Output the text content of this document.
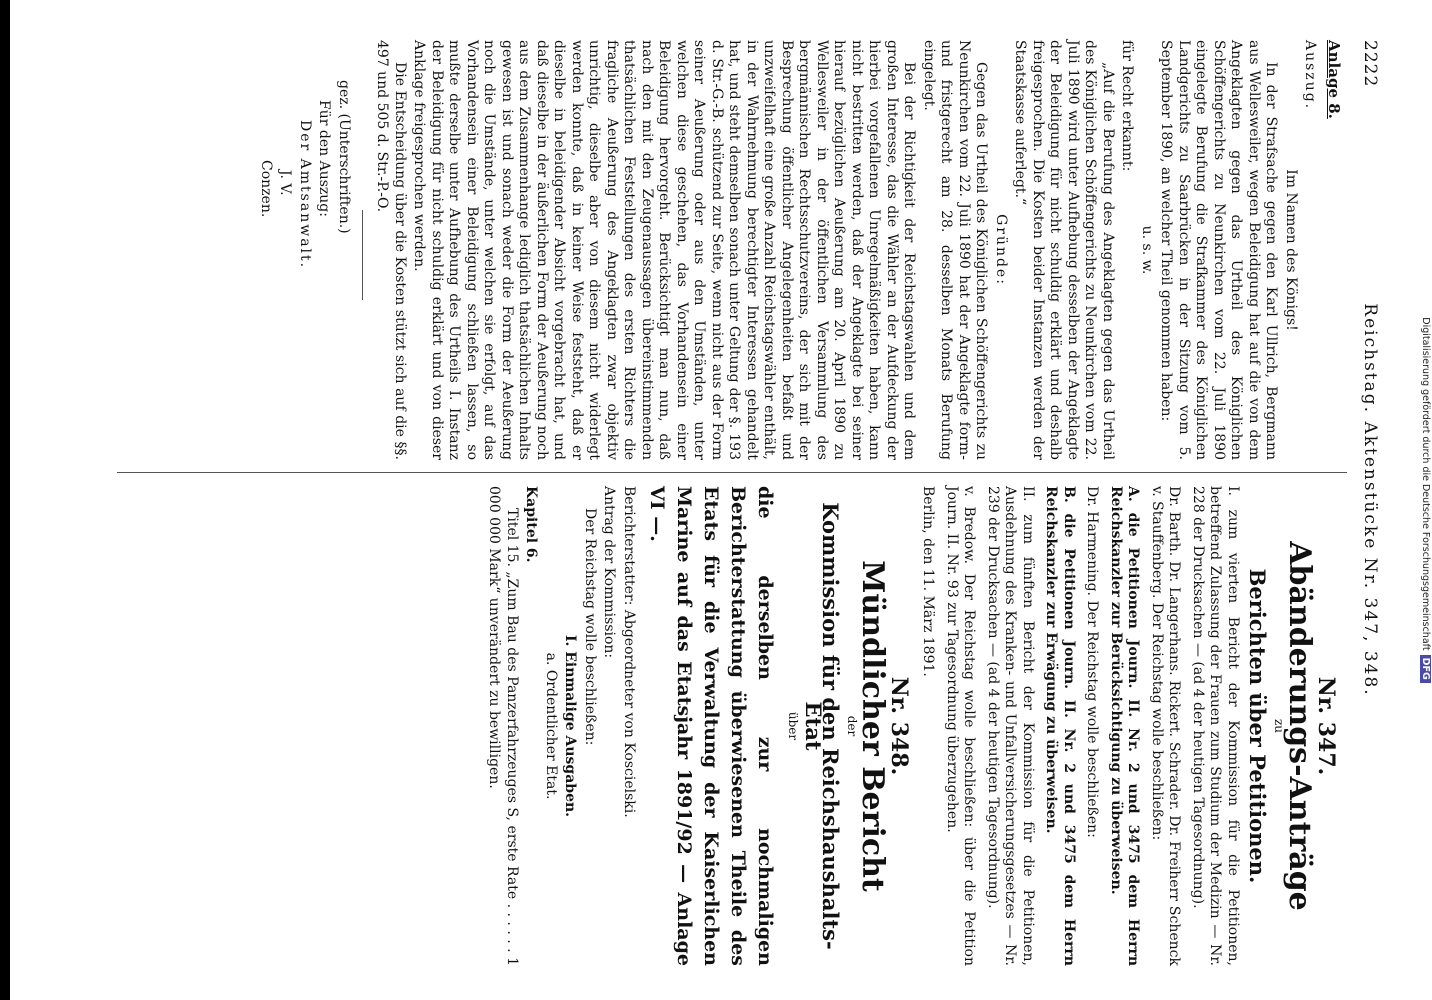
2222
Reichstag. Aktenstücke Nr. 347, 348.
Anlage 8.

Auszug.

Im Namen des Königs!

In der Strafsache gegen den Karl Ullrich, Bergmann aus Wellesweiler, wegen Beleidigung hat auf die von dem Angeklagten gegen das Urtheil des Königlichen Schöffengerichts zu Neunkirchen vom 22. Juli 1890 eingelegte Berufung die Strafkammer des Königlichen Landgerichts zu Saarbrücken in der Sitzung vom 5. September 1890, an welcher Theil genommen haben:

u. s. w.

für Recht erkannt:

„Auf die Berufung des Angeklagten gegen das Urtheil des Königlichen Schöffengerichts zu Neunkirchen vom 22. Juli 1890 wird unter Aufhebung desselben der Angeklagte der Beleidigung für nicht schuldig erklärt und deshalb freigesprochen. Die Kosten beider Instanzen werden der Staatskasse auferlegt.“

Gründe:

Gegen das Urtheil des Königlichen Schöffengerichts zu Neunkirchen vom 22. Juli 1890 hat der Angeklagte form- und fristgerecht am 28. desselben Monats Berufung eingelegt.

Bei der Richtigkeit der Reichstagswahlen und dem großen Interesse, das die Wähler an der Aufdeckung der hierbei vorgefallenen Unregelmäßigkeiten haben, kann nicht bestritten werden, daß der Angeklagte bei seiner hierauf bezüglichen Aeußerung am 20. April 1890 zu Wellesweiler in der öffentlichen Versammlung des bergmännischen Rechtsschutzvereins, der sich mit der Besprechung öffentlicher Angelegenheiten befaßt und unzweifelhaft eine große Anzahl Reichstagswähler enthält, in der Wahrnehmung berechtigter Interessen gehandelt hat, und steht demselben sonach unter Geltung der §. 193 d. Str.-G.-B. schützend zur Seite, wenn nicht aus der Form seiner Aeußerung oder aus den Umständen, unter welchen diese geschehen, das Vorhandensein einer Beleidigung hervorgeht. Berücksichtigt man nun, daß nach den mit den Zeugenaussagen übereinstimmenden thatsächlichen Feststellungen des ersten Richters die fragliche Aeußerung des Angeklagten zwar objektiv unrichtig, dieselbe aber von diesem nicht widerlegt werden konnte, daß in keiner Weise feststeht, daß er dieselbe in beleidigender Absicht vorgebracht hat, und daß dieselbe in der äußerlichen Form der Aeußerung noch aus dem Zusammenhange lediglich thatsächlichen Inhalts gewesen ist und sonach weder die Form der Aeußerung noch die Umstände, unter welchen sie erfolgt, auf das Vorhandensein einer Beleidigung schließen lassen, so mußte derselbe unter Aufhebung des Urtheils I. Instanz der Beleidigung für nicht schuldig erklärt und von dieser Anklage freigesprochen werden.

Die Entscheidung über die Kosten stützt sich auf die §§. 497 und 505 d. Str.-P.-O.

gez. (Unterschriften.)

Für den Auszug:

Der Amtsanwalt.

J. V.

Conzen.

Nr. 347.
Abänderungs-Anträge
zu
Berichten über Petitionen.

I. zum vierten Bericht der Kommission für die Petitionen, betreffend Zulassung der Frauen zum Studium der Medizin — Nr. 228 der Drucksachen — (ad 4 der heutigen Tagesordnung).

Dr. Barth. Dr. Langerhans. Rickert. Schrader. Dr. Freiherr Schenck v. Stauffenberg. Der Reichstag wolle beschließen:

A. die Petitionen Journ. II. Nr. 2 und 3475 dem Herrn Reichskanzler zur Berücksichtigung zu überweisen.

Dr. Harmening. Der Reichstag wolle beschließen:

B. die Petitionen Journ. II. Nr. 2 und 3475 dem Herrn Reichskanzler zur Erwägung zu überweisen.

II. zum fünften Bericht der Kommission für die Petitionen, Ausdehnung des Kranken- und Unfallversicherungsgesetzes — Nr. 239 der Drucksachen — (ad 4 der heutigen Tagesordnung).

v. Bredow. Der Reichstag wolle beschließen: über die Petition Journ. II. Nr. 93 zur Tagesordnung überzugehen.

Berlin, den 11. März 1891.

Nr. 348.
Mündlicher Bericht
der
Kommission für den Reichshaushalts-Etat
über
die derselben zur nochmaligen Berichterstattung überwiesenen Theile des Etats für die Verwaltung der Kaiserlichen Marine auf das Etatsjahr 1891/92 — Anlage VI —.

Berichterstatter: Abgeordneter von Koscielski.

Antrag der Kommission:

Der Reichstag wolle beschließen:

I. Einmalige Ausgaben.

a. Ordentlicher Etat.

Kapitel 6.

Titel 15. „Zum Bau des Panzerfahrzeuges S, erste Rate . . . . . . 1 000 000 Mark“ unverändert zu bewilligen.	Digitalisierung gefördert durch die Deutsche ForschungsgemeinschaftDFG
